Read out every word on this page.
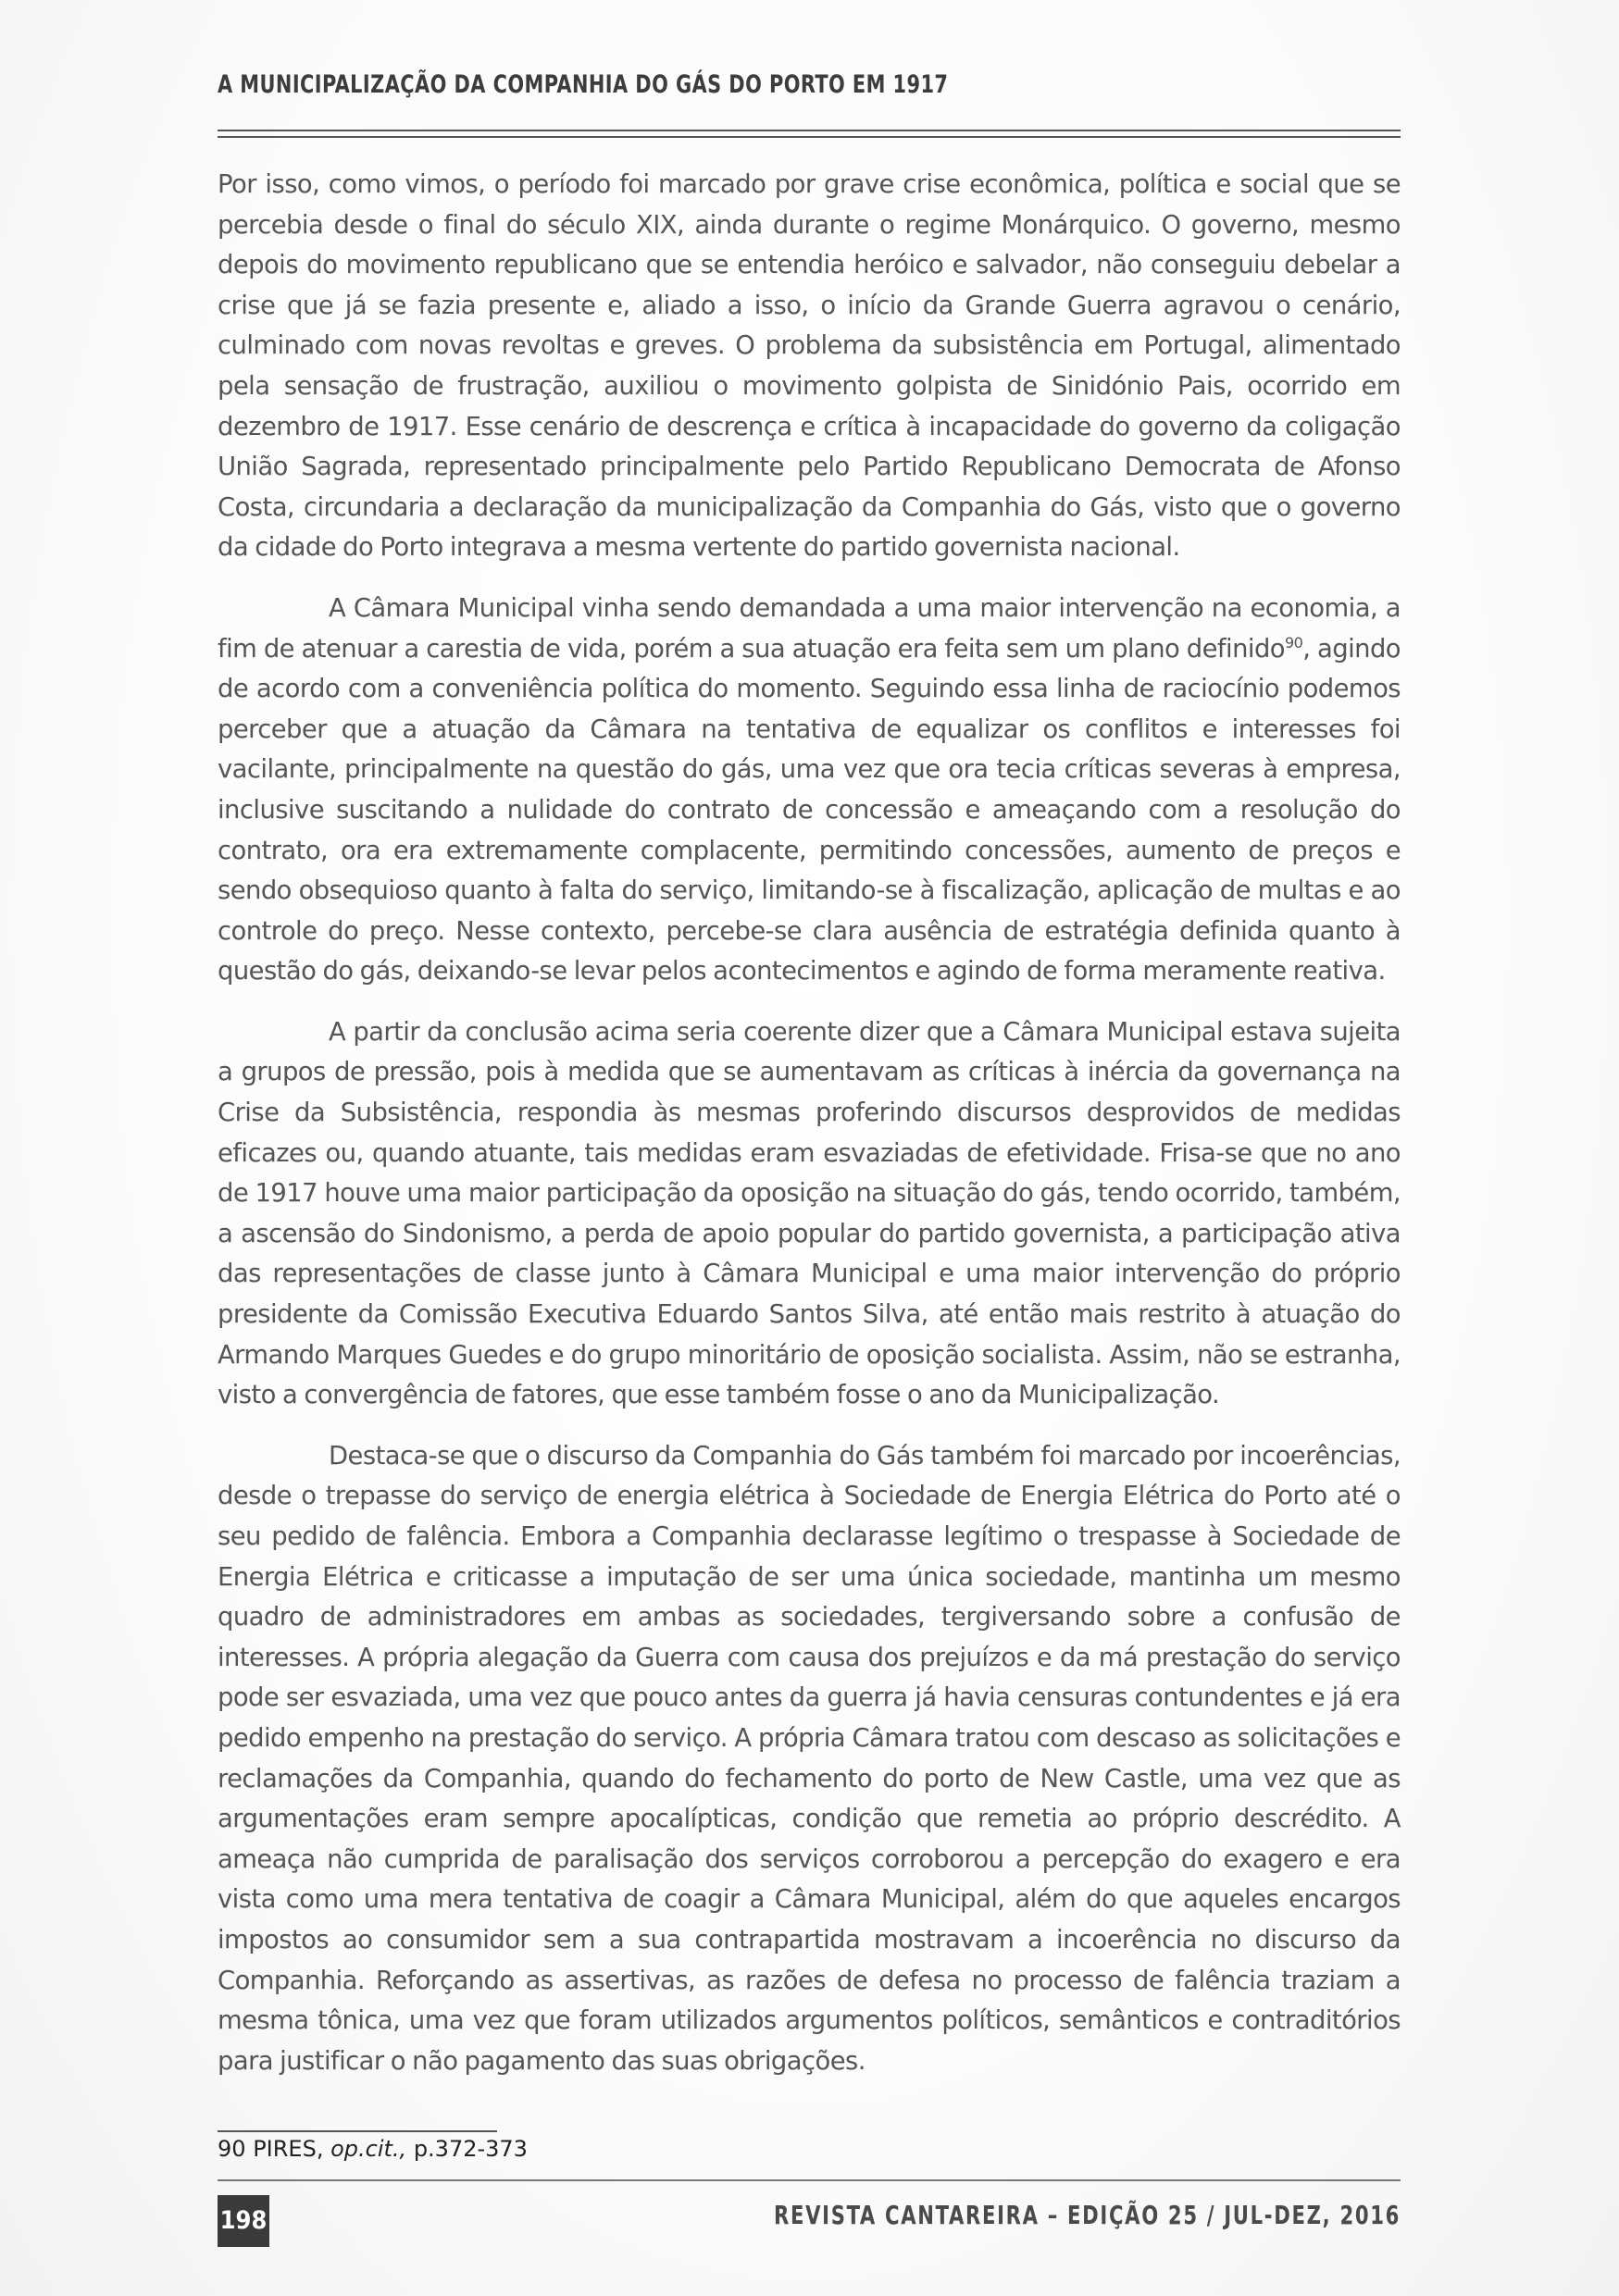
A MUNICIPALIZAÇÃO DA COMPANHIA DO GÁS DO PORTO EM 1917

Por isso, como vimos, o período foi marcado por grave crise econômica, política e social que se percebia desde o final do século XIX, ainda durante o regime Monárquico. O governo, mesmo depois do movimento republicano que se entendia heróico e salvador, não conseguiu debelar a crise que já se fazia presente e, aliado a isso, o início da Grande Guerra agravou o cenário, culminado com novas revoltas e greves. O problema da subsistência em Portugal, alimentado pela sensação de frustração, auxiliou o movimento golpista de Sinidónio Pais, ocorrido em dezembro de 1917. Esse cenário de descrença e crítica à incapacidade do governo da coligação União Sagrada, representado principalmente pelo Partido Republicano Democrata de Afonso Costa, circundaria a declaração da municipalização da Companhia do Gás, visto que o governo da cidade do Porto integrava a mesma vertente do partido governista nacional.

A Câmara Municipal vinha sendo demandada a uma maior intervenção na economia, a fim de atenuar a carestia de vida, porém a sua atuação era feita sem um plano definido$^{90}$, agindo de acordo com a conveniência política do momento. Seguindo essa linha de raciocínio podemos perceber que a atuação da Câmara na tentativa de equalizar os conflitos e interesses foi vacilante, principalmente na questão do gás, uma vez que ora tecia críticas severas à empresa, inclusive suscitando a nulidade do contrato de concessão e ameaçando com a resolução do contrato, ora era extremamente complacente, permitindo concessões, aumento de preços e sendo obsequioso quanto à falta do serviço, limitando-se à fiscalização, aplicação de multas e ao controle do preço. Nesse contexto, percebe-se clara ausência de estratégia definida quanto à questão do gás, deixando-se levar pelos acontecimentos e agindo de forma meramente reativa.

A partir da conclusão acima seria coerente dizer que a Câmara Municipal estava sujeita a grupos de pressão, pois à medida que se aumentavam as críticas à inércia da governança na Crise da Subsistência, respondia às mesmas proferindo discursos desprovidos de medidas eficazes ou, quando atuante, tais medidas eram esvaziadas de efetividade. Frisa-se que no ano de 1917 houve uma maior participação da oposição na situação do gás, tendo ocorrido, também, a ascensão do Sindonismo, a perda de apoio popular do partido governista, a participação ativa das representações de classe junto à Câmara Municipal e uma maior intervenção do próprio presidente da Comissão Executiva Eduardo Santos Silva, até então mais restrito à atuação do Armando Marques Guedes e do grupo minoritário de oposição socialista. Assim, não se estranha, visto a convergência de fatores, que esse também fosse o ano da Municipalização.

Destaca-se que o discurso da Companhia do Gás também foi marcado por incoerências, desde o trepasse do serviço de energia elétrica à Sociedade de Energia Elétrica do Porto até o seu pedido de falência. Embora a Companhia declarasse legítimo o trespasse à Sociedade de Energia Elétrica e criticasse a imputação de ser uma única sociedade, mantinha um mesmo quadro de administradores em ambas as sociedades, tergiversando sobre a confusão de interesses. A própria alegação da Guerra com causa dos prejuízos e da má prestação do serviço pode ser esvaziada, uma vez que pouco antes da guerra já havia censuras contundentes e já era pedido empenho na prestação do serviço. A própria Câmara tratou com descaso as solicitações e reclamações da Companhia, quando do fechamento do porto de New Castle, uma vez que as argumentações eram sempre apocalípticas, condição que remetia ao próprio descrédito. A ameaça não cumprida de paralisação dos serviços corroborou a percepção do exagero e era vista como uma mera tentativa de coagir a Câmara Municipal, além do que aqueles encargos impostos ao consumidor sem a sua contrapartida mostravam a incoerência no discurso da Companhia. Reforçando as assertivas, as razões de defesa no processo de falência traziam a mesma tônica, uma vez que foram utilizados argumentos políticos, semânticos e contraditórios para justificar o não pagamento das suas obrigações.

90 PIRES, op.cit., p.372-373
198	REVISTA CANTAREIRA – EDIÇÃO 25 / JUL-DEZ, 2016
